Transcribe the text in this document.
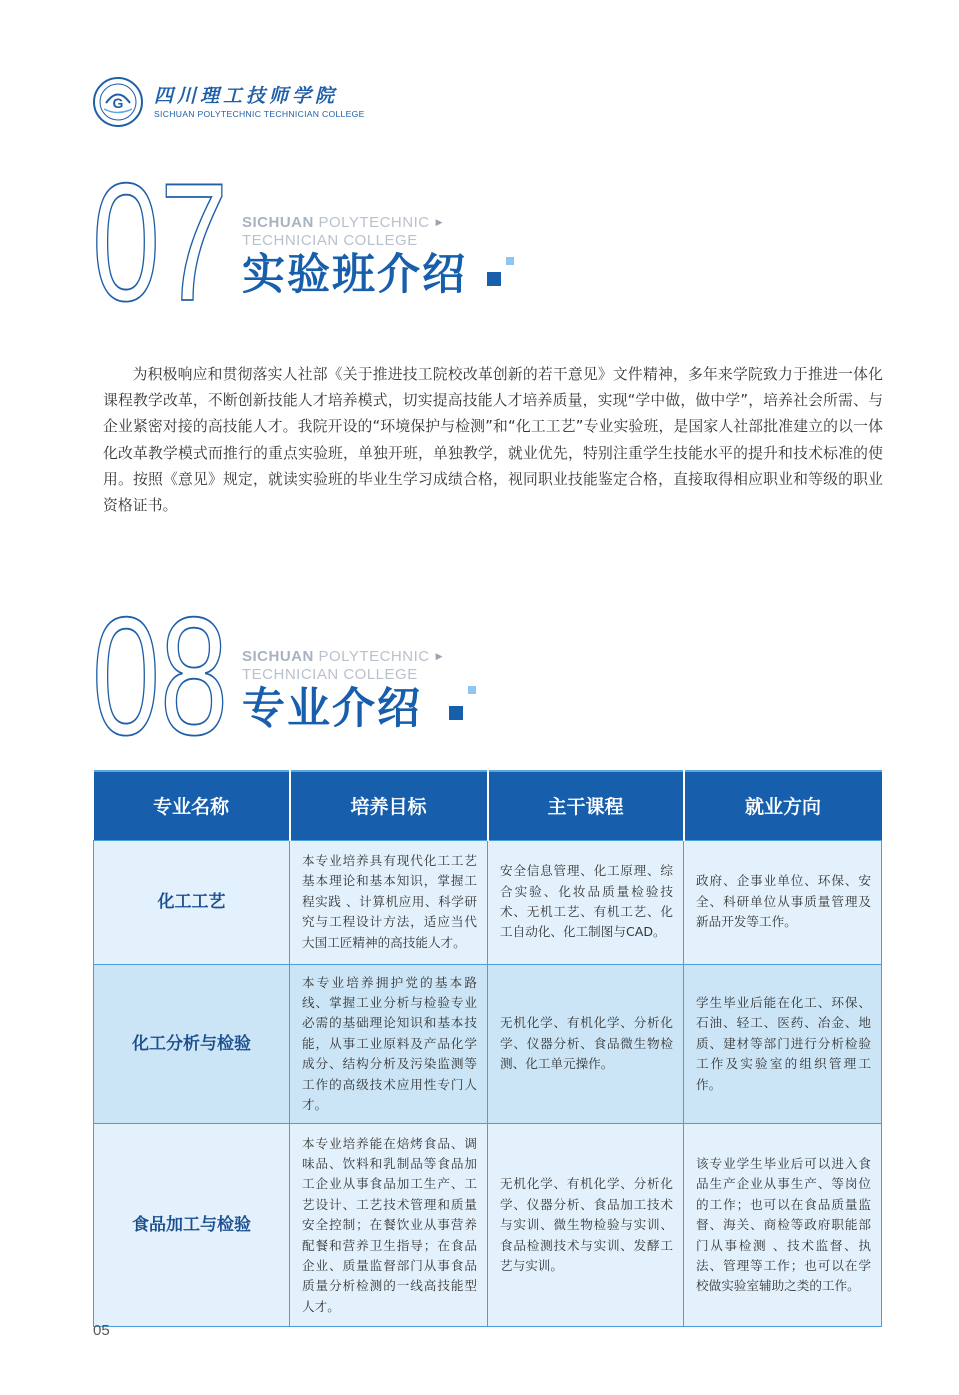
G 四川理工技师学院
SICHUAN POLYTECHNIC TECHNICIAN COLLEGE
07 SICHUAN POLYTECHNIC ▶
TECHNICIAN COLLEGE
实验班介绍

为积极响应和贯彻落实人社部《关于推进技工院校改革创新的若干意见》文件精神，多年来学院致力于推进一体化课程教学改革，不断创新技能人才培养模式，切实提高技能人才培养质量，实现“学中做，做中学”，培养社会所需、与企业紧密对接的高技能人才。我院开设的“环境保护与检测”和“化工工艺”专业实验班，是国家人社部批准建立的以一体化改革教学模式而推行的重点实验班，单独开班，单独教学，就业优先，特别注重学生技能水平的提升和技术标准的使用。按照《意见》规定，就读实验班的毕业生学习成绩合格，视同职业技能鉴定合格，直接取得相应职业和等级的职业资格证书。

08 SICHUAN POLYTECHNIC ▶
TECHNICIAN COLLEGE
专业介绍
专业名称	培养目标	主干课程	就业方向
化工工艺	本专业培养具有现代化工工艺基本理论和基本知识，掌握工程实践 、计算机应用、科学研究与工程设计方法，适应当代大国工匠精神的高技能人才。	安全信息管理、化工原理、综合实验、化妆品质量检验技术、无机工艺、有机工艺、化工自动化、化工制图与CAD。	政府、企事业单位、环保、安全、科研单位从事质量管理及新品开发等工作。
化工分析与检验	本专业培养拥护党的基本路线、掌握工业分析与检验专业必需的基础理论知识和基本技能，从事工业原料及产品化学成分、结构分析及污染监测等工作的高级技术应用性专门人才。	无机化学、有机化学、分析化学、仪器分析、食品微生物检测、化工单元操作。	学生毕业后能在化工、环保、石油、轻工、医药、冶金、地质、建材等部门进行分析检验工作及实验室的组织管理工作。
食品加工与检验	本专业培养能在焙烤食品、调味品、饮料和乳制品等食品加工企业从事食品加工生产、工艺设计、工艺技术管理和质量安全控制；在餐饮业从事营养配餐和营养卫生指导；在食品企业、质量监督部门从事食品质量分析检测的一线高技能型人才。	无机化学、有机化学、分析化学、仪器分析、食品加工技术与实训、微生物检验与实训、食品检测技术与实训、发酵工艺与实训。	该专业学生毕业后可以进入食品生产企业从事生产、等岗位的工作；也可以在食品质量监督、海关、商检等政府职能部门从事检测 、技术监督、执法、管理等工作；也可以在学校做实验室辅助之类的工作。
05
